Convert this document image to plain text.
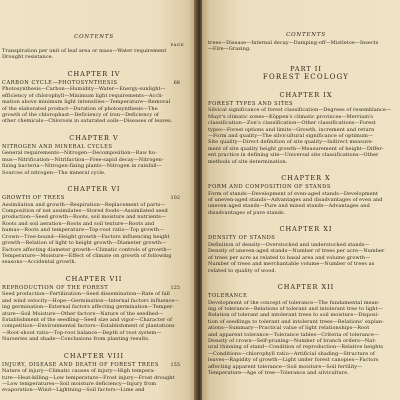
CONTENTS
PAGE
Transpiration per unit of leaf area or mass—Water requirement
Drought resistance.
CHAPTER IV
CARBON CYCLE—PHOTOSYNTHESIS	68
Photosynthesis—Carbon—Humidity—Water—Energy-sunlight—
efficiency of chlorophyll—Minimum light requirements—Accli-
mation above minimum light intensities—Temperature—Removal
of the elaborated product—Duration of photosynthesis—The
growth of the chlorophast—Deficiency of iron—Deficiency of
other chemicals—Chlorosis in saturated soils—Diseases of leaves.
CHAPTER V
NITROGEN AND MINERAL CYCLES
General requirements—Nitrogen—Decomposition—Raw hu-
mus—Nitrification—Nitrifaction—Free-sapid decay—Nitrogen-
fixing bacteria—Nitrogen-fixing plants—Nitrogen in rainfall—
Sources of nitrogen—The mineral cycle.
CHAPTER VI
GROWTH OF TREES	102
Assimilation and growth—Respiration—Replacement of parts—
Composition of net assimilates—Stored foods—Assimilated seed
production—Seed growth—Roots, soil moisture and nutrients—
Roots and soil aeration—Roots and soil texture—Roots and
humus—Roots and temperature—Top-root ratio—Top growth—
Crown—Tree-bound—Height growth—Factors influencing height
growth—Relation of light to height growth—Diameter growth—
Factors affecting diameter growth—Climatic controls of growth—
Temperature—Moisture—Effect of climate on growth of following
seasons—Accidental growth.
CHAPTER VII
REPRODUCTION OF THE FOREST	125
Seed production—Fertilization—Seed dissemination—Rate of fall
and wind velocity—Hope—Germination—Internal factors influence—
ing germination—External factors affecting germination—Temper-
ature—Soil Moisture—Other factors—Nature of the seedbed—
Establishment of the seedling—Seed size and vigor—Character of
competition—Environmental factors—Establishment of plantations
—Root-shoot ratio—Top-root balance—Depth of root system—
Nurseries and shade—Conclusions from planting results.
CHAPTER VIII
INJURY, DISEASE AND DEATH OF FOREST TREES 155
Nature of injury—Climatic causes of injury—High tempera-
ture—Heat-killing—Low temperature—Frost injury—Frost drought
—Low temperatures—Soil moisture deficiency—Injury from
evaporation—Wind—Lightning—Soil factors—Lime and
CONTENTS
trees—Disease—Internal decay—Damping-off—Mistletoe—Insects
—Fire—Grazing.
PART II
FOREST ECOLOGY
CHAPTER IX
FOREST TYPES AND SITES
Silvical significance of forest classification—Degrees of resemblance—
Mayr's climatic zones—Köppen's climatic provinces—Merriam's
classification—Zon's classification—Other classifications—Forest
types—Forest options and limits—Growth, increment and return
—Form and quality—The silvicultural significance of optimum—
Site quality—Direct definition of site quality—Indirect measure-
ment of site quality height growth—Measurement of height—Differ-
ent practice in defining site—Universal site classifications—Other
methods of site determination.
CHAPTER X
FORM AND COMPOSITION OF STANDS
Form of stands—Development of even-aged stands—Development
of uneven-aged stands—Advantages and disadvantages of even and
uneven-aged stands—Pure and mixed stands—Advantages and
disadvantages of pure stands.
CHAPTER XI
DENSITY OF STANDS
Definition of density—Overstocked and understocked stands—
Density of uneven-aged stands—Number of trees per acre—Number
of trees per acre as related to basal area and volume growth—
Number of trees and merchantable volume—Number of trees as
related to quality of wood.
CHAPTER XII
TOLERANCE
Development of the concept of tolerance—The fundamental mean-
ing of tolerance—Relations of tolerant and intolerant tree to light—
Relation of tolerant and intolerant trees to soil moisture—Disposi-
tion of seedlings to tolerant and intolerant trees—Relations' explan-
ations—Summary—Practical value of light relationships—Root
and apparent tolerance—Tolerance tables—Criteria of tolerance—
Density of crown—Self-pruning—Number of branch orders—Nat-
ural thinning of stand—Condition of reproduction—Relative heights
—Conditions—chlorophyll ratio—Artificial shading—Structure of
leaves—Rapidity of growth—Light under forest canopies—Factors
affecting apparent tolerance—Soil moisture—Soil fertility—
Temperature—Age of tree—Tolerance and silviculture.
